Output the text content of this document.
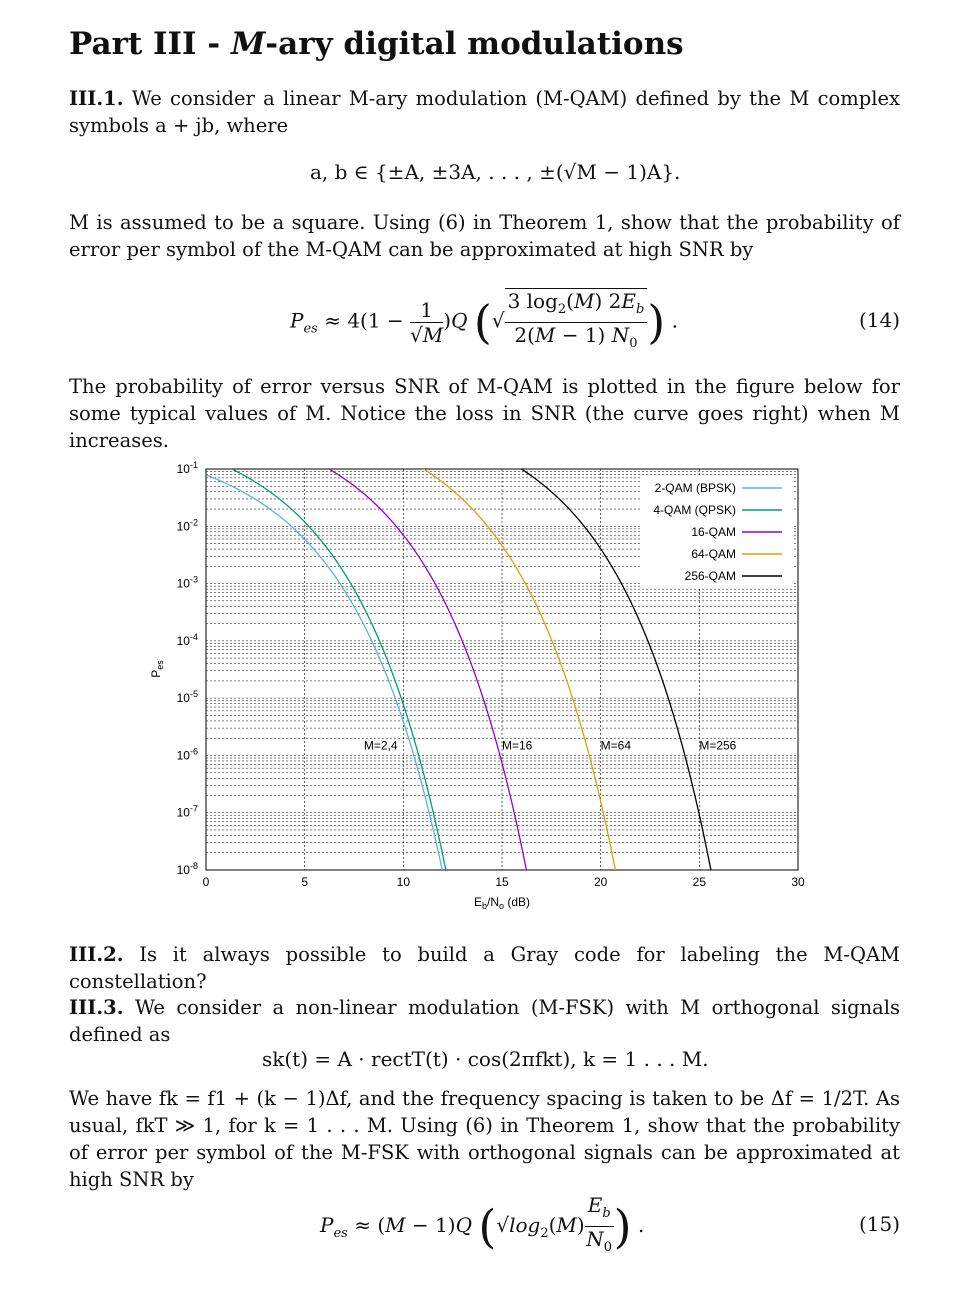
Part III - M-ary digital modulations
III.1. We consider a linear M-ary modulation (M-QAM) defined by the M complex symbols a + jb, where
a, b ∈ {±A, ±3A, . . . , ±(√M − 1)A}.
M is assumed to be a square. Using (6) in Theorem 1, show that the probability of error per symbol of the M-QAM can be approximated at high SNR by
$P_{es} \approx 4(1 - \frac{1}{√M} )Q$ (√ $\frac{3 \log_2(M) 2E_b}{2(M - 1) N_0}$ ) .	(14)
The probability of error versus SNR of M-QAM is plotted in the figure below for some typical values of M. Notice the loss in SNR (the curve goes right) when M increases.
0	5	10	15	20	25	30
$10^{-1}$
$10^{-2}$
$10^{-3}$
$10^{-4}$
$10^{-5}$
$10^{-6}$
$10^{-7}$
$10^{-8}$
M=2,4	M=16	M=64	M=256
2-QAM (BPSK)
4-QAM (QPSK)
16-QAM
64-QAM
256-QAM
$E_b/N_o$ (dB)
$P_{es}$
III.2. Is it always possible to build a Gray code for labeling the M-QAM constellation?
III.3. We consider a non-linear modulation (M-FSK) with M orthogonal signals defined as
sk(t) = A · rectT(t) · cos(2πfkt), k = 1 . . . M.
We have fk = f1 + (k − 1)Δf, and the frequency spacing is taken to be Δf = 1/2T. As usual, fkT ≫ 1, for k = 1 . . . M. Using (6) in Theorem 1, show that the probability of error per symbol of the M-FSK with orthogonal signals can be approximated at high SNR by
$P_{es} \approx (M - 1)Q$ ($√\log_2(M) \frac{E_b}{N_0}$ ) .	(15)
